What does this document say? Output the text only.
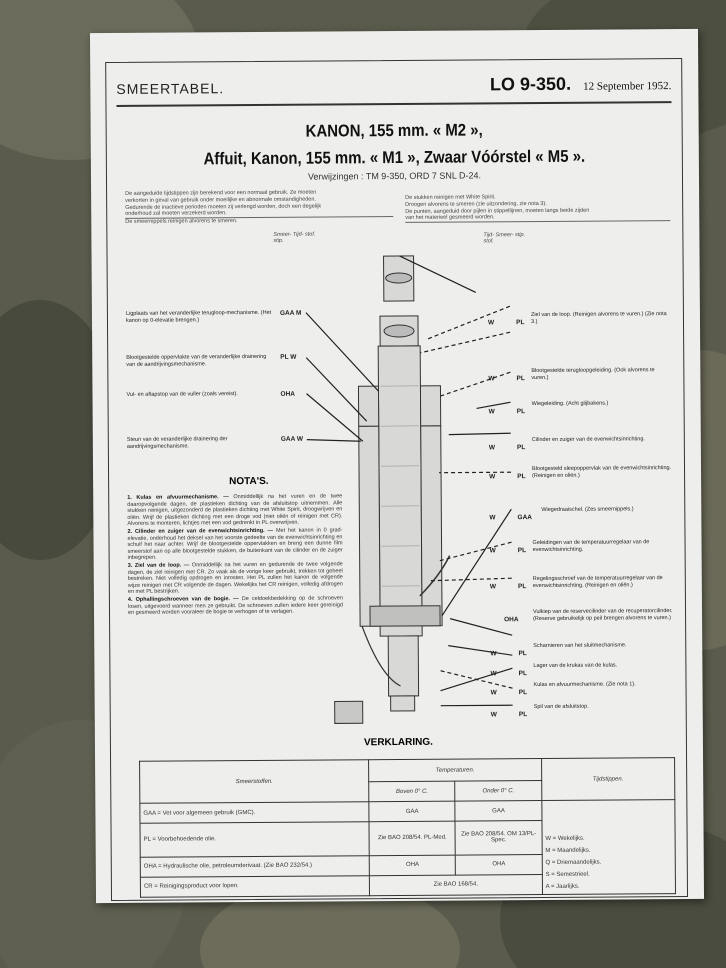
SMEERTABEL.	LO 9-350. 12 September 1952.
KANON, 155 mm. « M2 »,
Affuit, Kanon, 155 mm. « M1 », Zwaar Vóórstel « M5 ».
Verwijzingen : TM 9-350, ORD 7 SNL D-24.
De aangeduide tijdstippen zijn berekend voor een normaal gebruik. Ze moeten
verkorten in geval van gebruik onder moeilijke en abnormale omstandigheden.
Gedurende de inactieve perioden moeten zij verlengd worden, doch een degelijk
onderhoud zal moeten verzekerd worden.
De smeernippels reinigen alvorens te smeren.
De stukken reinigen met White Spirit.
Droogen alvorens te smeren (zie uitzondering, zie nota 3).
De punten, aangeduid door pijlen in stippellijnen, moeten langs beide zijden
van het materieel gesmeerd worden.
Smeer- Tijd- stof. stip.
Tijd- Smeer- stip. stof.
Ligplaats van het veranderlijke terugloop-mechanisme. (Het kanon op 0-elevatie brengen.)
GAA M
Blootgestelde oppervlakte van de veranderlijke drainering van de aandrijvingsmechanisme.
PL W
Vul- en aftapstop van de vuller (zoals vereist).	OHA
Steun van de veranderlijke drainering der aandrijvingsmechanisme.
GAA W
W	PL
Ziel van de loop. (Reinigen alvorens te vuren.) (Zie nota 3.)
W	PL
Blootgestelde terugloopgeleiding. (Ook alvorens te vuren.)
W	PL
Wiegeleiding. (Acht glijbakens.)
W	PL
Cilinder en zuiger van de evenwichtsinrichting.
W	PL
Blootgesteld sleepoppervlak van de evenwichtsinrichting. (Reinigen en oliën.)
W	GAA
Wiegedraaischel. (Zes smeernippels.)
W	PL
Geleidingen van de temperatuurregelaar van de evenwichtsinrichting.
W	PL
Regelingsschroef van de temperatuurregelaar van de evenwichtsinrichting. (Reinigen en oliën.)
OHA
Vulkiep van de reservecilinder van de recuperatorcilinder. (Reserve gebruikelijk op peil brengen alvorens te vuren.)
W	PL
Scharnieren van het sluitmechanisme.
W	PL
Lager van de krukas van de kulas.
W	PL
Kulas en afvuurmechanisme. (Zie nota 1).
W	PL
Spil van de afsluitstop.
NOTA'S.

1. Kulas en afvuurmechanisme. — Onmiddellijk na het vuren en de twee daaropvolgende dagen, de plastieken dichting van de afsluitstop uitnemmen. Alle stukken reinigen, uitgezonderd de plastieken dichting met White Spirit, droogwrijven en oliën. Wrijf de plastieken dichting met een droge vod (niet oliën of reinigen met CR). Alvorens te monteren, lichtjes met een vod gedrenkt in PL overwrijven.

2. Cilinder en zuiger van de evenwichtsinrichting. — Met het kanon in 0 grad-elevatie, onderhoud het deksel van het voorste gedeelte van de evenwichtsinrichting en schuif het naar achter. Wrijf de blootgestelde oppervlakken en breng een dunne film smeerstof aan op alle blootgestelde stukken, de buitenkant van de cilinder en de zuiger inbegrepen.

3. Ziel van de loop. — Onmiddellijk na het vuren en gedurende de twee volgende dagen, de ziel reinigen met CR. Zo vaak als de vorige keer gebruikt, trekken tot geheel bestreken. Niet volledig opdrogen en inrosten. Het PL zullen het kanon de volgende wijze reinigen met CR volgende de dagen. Wekelijks het CR reinigen, volledig afdrogen en met PL bestrijken.

4. Ophallingschroeven van de bogie. — De celdoekbedekking op de schroeven losen, uitgevoerd wanneer men ze gebruikt. De schroeven zullen iedere keer gereinigd en gesmeerd worden vooraleer de bogie te verhogen of te verlagen.

VERKLARING.
Smeerstoffen.	Temperaturen.		Tijdstippen.
	Boven 0° C.	Onder 0° C.	
GAA = Vet voor algemeen gebruik (GMC).	GAA	GAA	W = Wekelijks.
M = Maandelijks.
Q = Driemaandelijks.
S = Semestrieel.
A = Jaarlijks.

PL = Voorbehoedende olie.	Zie BAO 208/54. PL-Med.	Zie BAO 208/54. OM 13/PL-Spec.	
OHA = Hydraulische olie, petroleumderivaat. (Zie BAO 232/54.)	OHA	OHA	
CR = Reinigingsproduct voor lopen.	Zie BAO 168/54.		
